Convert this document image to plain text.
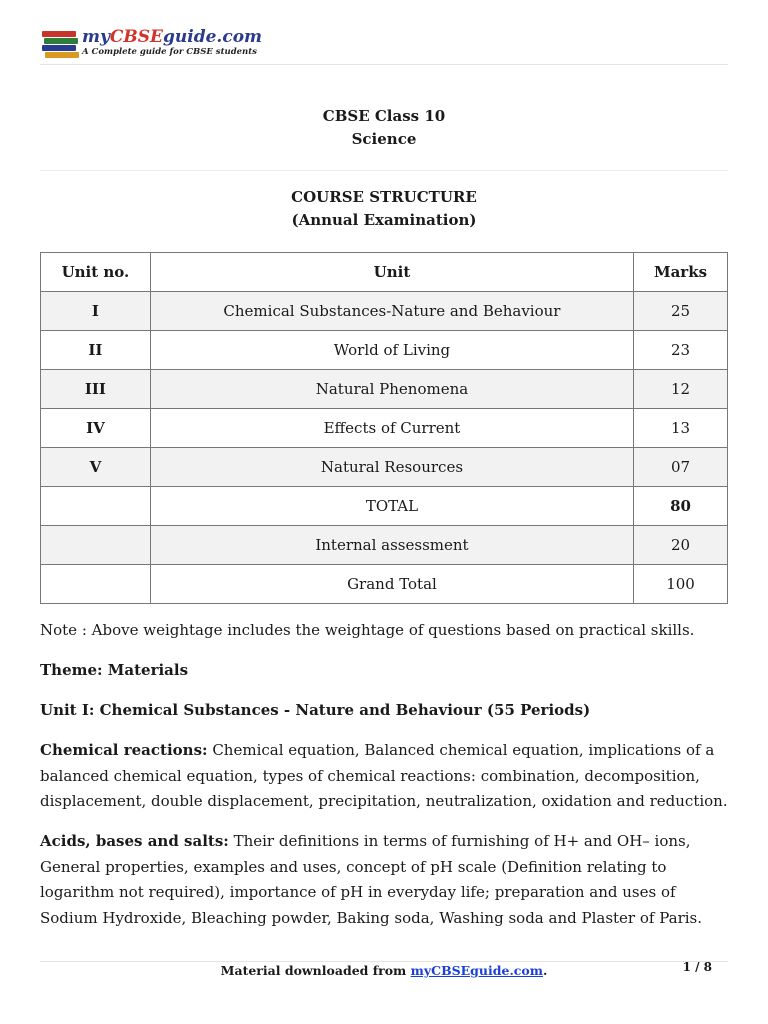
myCBSEguide.com
A Complete guide for CBSE students
CBSE Class 10
Science
COURSE STRUCTURE
(Annual Examination)
Unit no.	Unit	Marks
I	Chemical Substances-Nature and Behaviour	25
II	World of Living	23
III	Natural Phenomena	12
IV	Effects of Current	13
V	Natural Resources	07
	TOTAL	80
	Internal assessment	20
	Grand Total	100
Note : Above weightage includes the weightage of questions based on practical skills.
Theme: Materials
Unit I: Chemical Substances - Nature and Behaviour (55 Periods)
Chemical reactions: Chemical equation, Balanced chemical equation, implications of a balanced chemical equation, types of chemical reactions: combination, decomposition, displacement, double displacement, precipitation, neutralization, oxidation and reduction.
Acids, bases and salts: Their definitions in terms of furnishing of H+ and OH– ions, General properties, examples and uses, concept of pH scale (Definition relating to logarithm not required), importance of pH in everyday life; preparation and uses of Sodium Hydroxide, Bleaching powder, Baking soda, Washing soda and Plaster of Paris.
Material downloaded from myCBSEguide.com.	1 / 8
